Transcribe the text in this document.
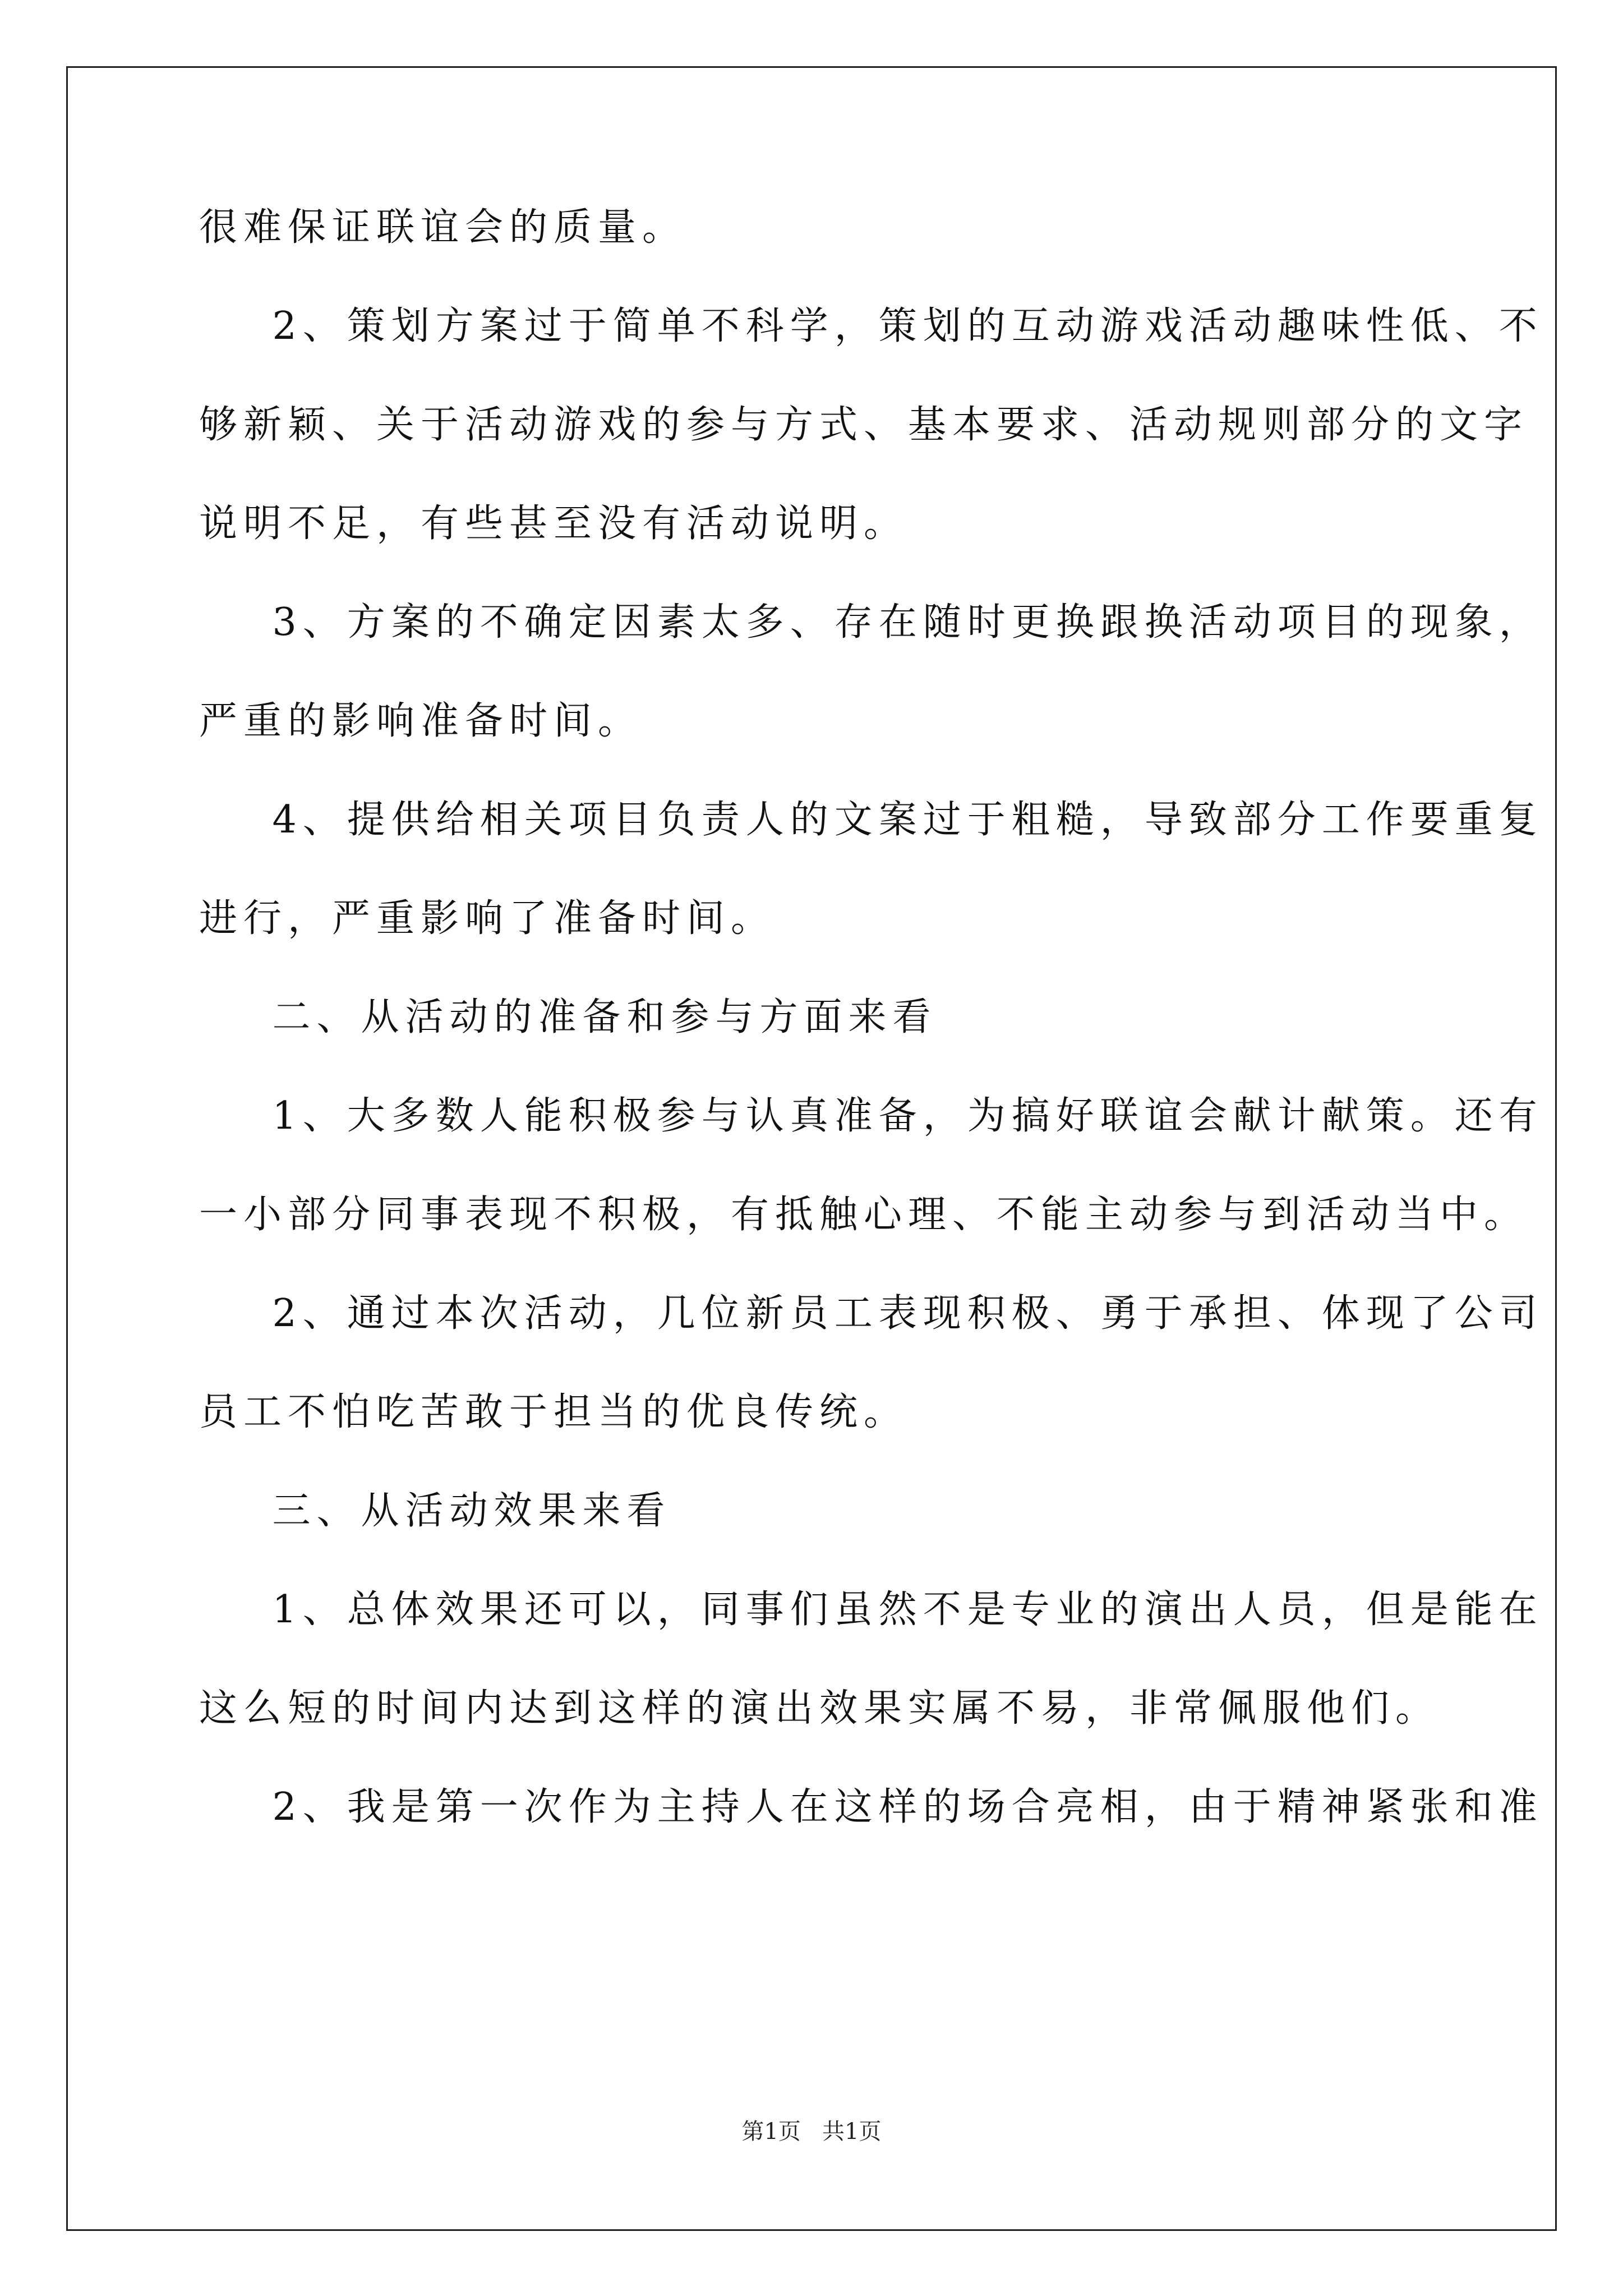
很难保证联谊会的质量。
2、策划方案过于简单不科学，策划的互动游戏活动趣味性低、不
够新颖、关于活动游戏的参与方式、基本要求、活动规则部分的文字
说明不足，有些甚至没有活动说明。
3、方案的不确定因素太多、存在随时更换跟换活动项目的现象，
严重的影响准备时间。
4、提供给相关项目负责人的文案过于粗糙，导致部分工作要重复
进行，严重影响了准备时间。
二、从活动的准备和参与方面来看
1、大多数人能积极参与认真准备，为搞好联谊会献计献策。还有
一小部分同事表现不积极，有抵触心理、不能主动参与到活动当中。
2、通过本次活动，几位新员工表现积极、勇于承担、体现了公司
员工不怕吃苦敢于担当的优良传统。
三、从活动效果来看
1、总体效果还可以，同事们虽然不是专业的演出人员，但是能在
这么短的时间内达到这样的演出效果实属不易，非常佩服他们。
2、我是第一次作为主持人在这样的场合亮相，由于精神紧张和准
第1页   共1页
